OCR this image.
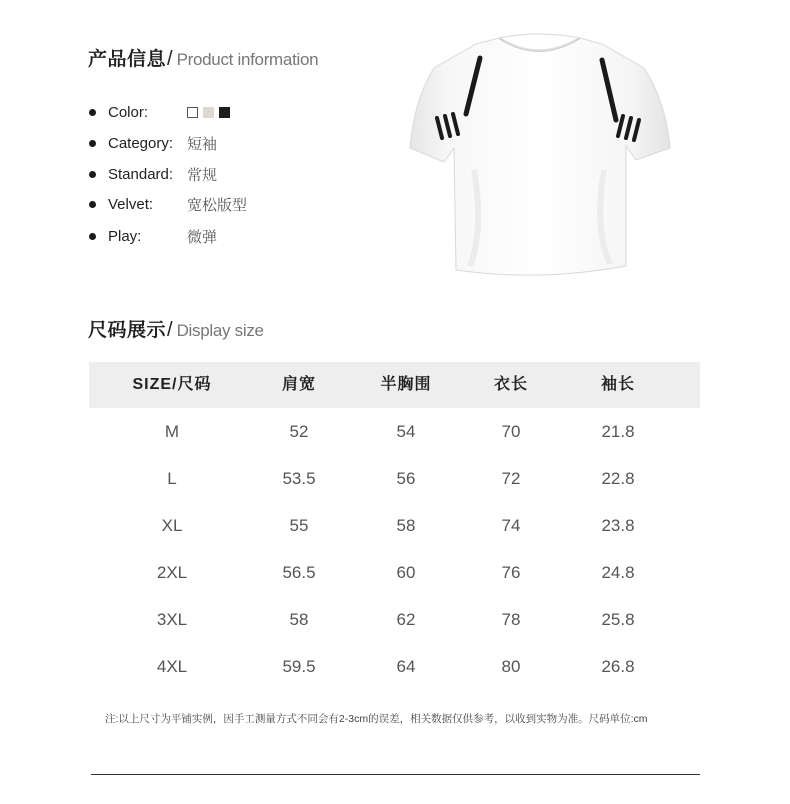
产品信息 / Product information
Color:
Category: 短袖
Standard: 常规
Velvet:	宽松版型
Play:	微弹
尺码展示 / Display size
SIZE/尺码	肩宽	半胸围	衣长	袖长
M	52	54	70	21.8
L	53.5	56	72	22.8
XL	55	58	74	23.8
2XL	56.5	60	76	24.8
3XL	58	62	78	25.8
4XL	59.5	64	80	26.8
注:以上尺寸为平铺实例，因手工测量方式不同会有2-3cm的误差，相关数据仅供参考，以收到实物为准。尺码单位:cm
